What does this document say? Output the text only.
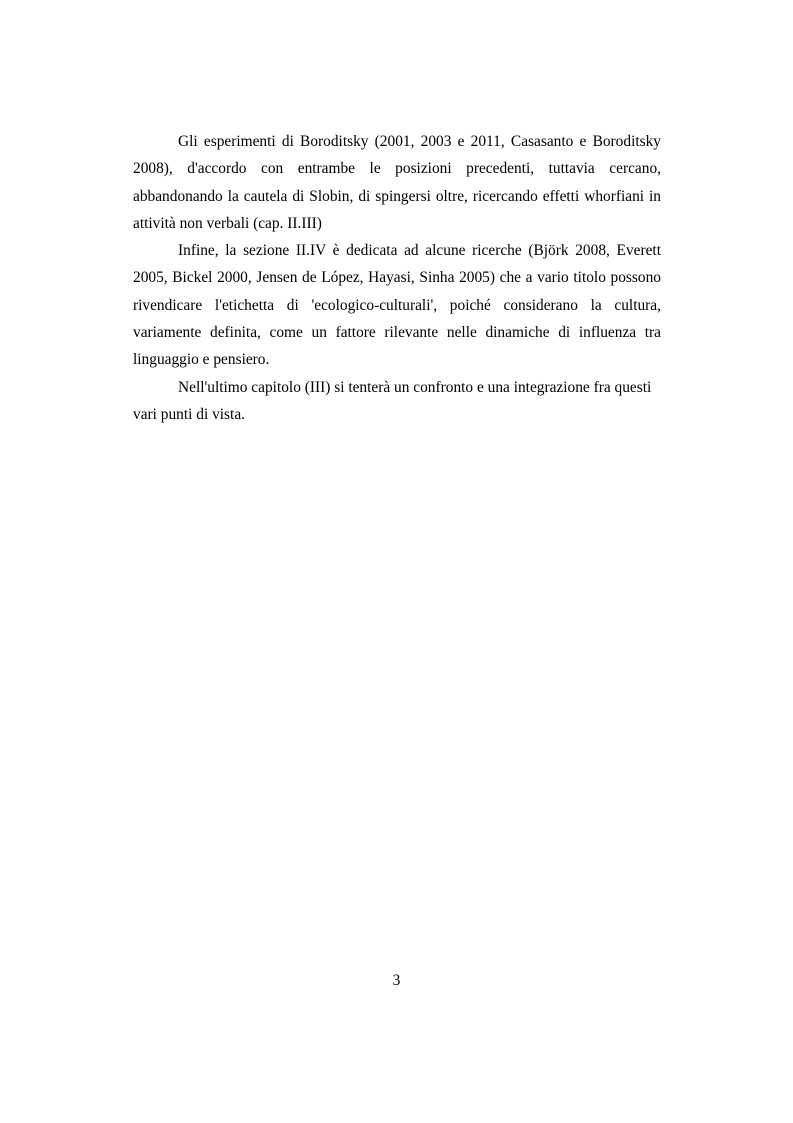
Gli esperimenti di Boroditsky (2001, 2003 e 2011, Casasanto e Boroditsky 2008), d'accordo con entrambe le posizioni precedenti, tuttavia cercano, abbandonando la cautela di Slobin, di spingersi oltre, ricercando effetti whorfiani in attività non verbali (cap. II.III)

Infine, la sezione II.IV è dedicata ad alcune ricerche (Björk 2008, Everett 2005, Bickel 2000, Jensen de López, Hayasi, Sinha 2005) che a vario titolo possono rivendicare l'etichetta di 'ecologico-culturali', poiché considerano la cultura, variamente definita, come un fattore rilevante nelle dinamiche di influenza tra linguaggio e pensiero.

Nell'ultimo capitolo (III) si tenterà un confronto e una integrazione fra questi vari punti di vista.

3
